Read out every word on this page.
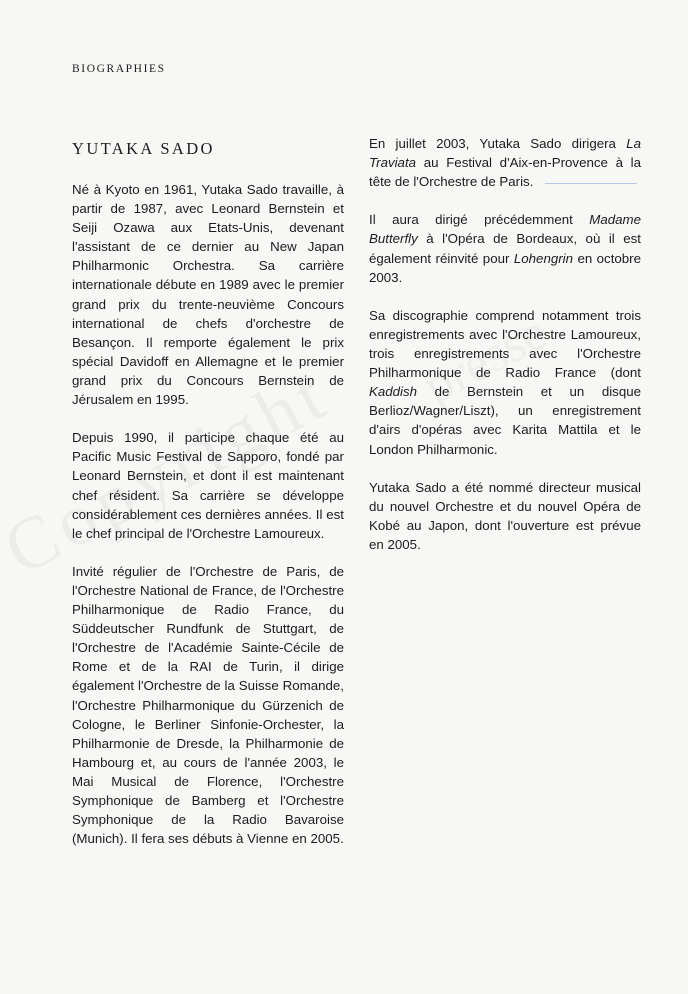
BIOGRAPHIES
YUTAKA SADO

Né à Kyoto en 1961, Yutaka Sado travaille, à partir de 1987, avec Leonard Bernstein et Seiji Ozawa aux Etats-Unis, devenant l'assistant de ce dernier au New Japan Philharmonic Orchestra. Sa carrière internationale débute en 1989 avec le premier grand prix du trente-neuvième Concours international de chefs d'orchestre de Besançon. Il remporte également le prix spécial Davidoff en Allemagne et le premier grand prix du Concours Bernstein de Jérusalem en 1995.

Depuis 1990, il participe chaque été au Pacific Music Festival de Sapporo, fondé par Leonard Bernstein, et dont il est maintenant chef résident. Sa carrière se développe considérablement ces dernières années. Il est le chef principal de l'Orchestre Lamoureux.

Invité régulier de l'Orchestre de Paris, de l'Orchestre National de France, de l'Orchestre Philharmonique de Radio France, du Süddeutscher Rundfunk de Stuttgart, de l'Orchestre de l'Académie Sainte-Cécile de Rome et de la RAI de Turin, il dirige également l'Orchestre de la Suisse Romande, l'Orchestre Philharmonique du Gürzenich de Cologne, le Berliner Sinfonie-Orchester, la Philharmonie de Dresde, la Philharmonie de Hambourg et, au cours de l'année 2003, le Mai Musical de Florence, l'Orchestre Symphonique de Bamberg et l'Orchestre Symphonique de la Radio Bavaroise (Munich). Il fera ses débuts à Vienne en 2005.

En juillet 2003, Yutaka Sado dirigera La Traviata au Festival d'Aix-en-Provence à la tête de l'Orchestre de Paris.

Il aura dirigé précédemment Madame Butterfly à l'Opéra de Bordeaux, où il est également réinvité pour Lohengrin en octobre 2003.

Sa discographie comprend notamment trois enregistrements avec l'Orchestre Lamoureux, trois enregistrements avec l'Orchestre Philharmonique de Radio France (dont Kaddish de Bernstein et un disque Berlioz/Wagner/Liszt), un enregistrement d'airs d'opéras avec Karita Mattila et le London Philharmonic.

Yutaka Sado a été nommé directeur musical du nouvel Orchestre et du nouvel Opéra de Kobé au Japon, dont l'ouverture est prévue en 2005.
